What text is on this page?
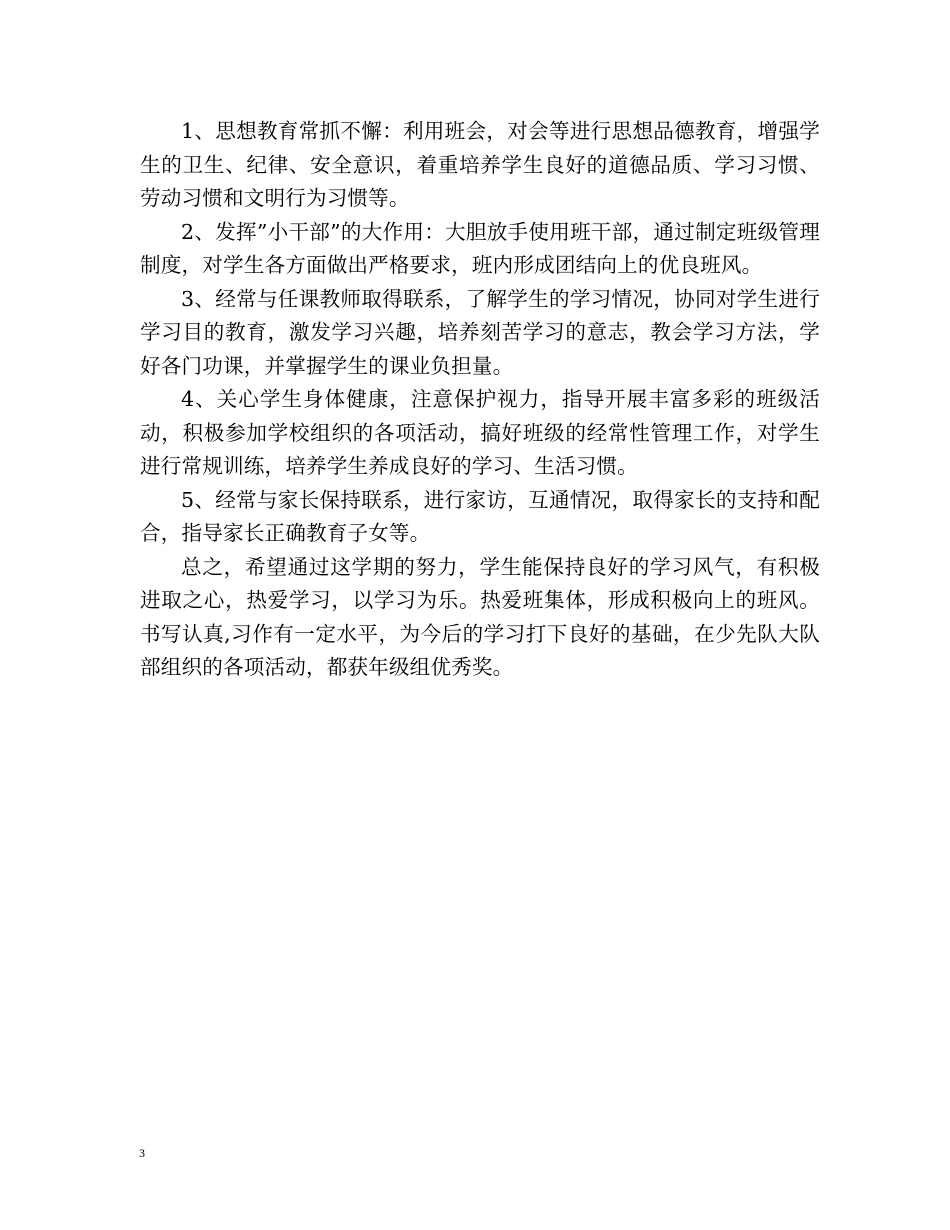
1、思想教育常抓不懈：利用班会，对会等进行思想品德教育，增强学生的卫生、纪律、安全意识，着重培养学生良好的道德品质、学习习惯、劳动习惯和文明行为习惯等。

2、发挥”小干部”的大作用：大胆放手使用班干部，通过制定班级管理制度，对学生各方面做出严格要求，班内形成团结向上的优良班风。

3、经常与任课教师取得联系，了解学生的学习情况，协同对学生进行学习目的教育，激发学习兴趣，培养刻苦学习的意志，教会学习方法，学好各门功课，并掌握学生的课业负担量。

4、关心学生身体健康，注意保护视力，指导开展丰富多彩的班级活动，积极参加学校组织的各项活动，搞好班级的经常性管理工作，对学生进行常规训练，培养学生养成良好的学习、生活习惯。

5、经常与家长保持联系，进行家访，互通情况，取得家长的支持和配合，指导家长正确教育子女等。

总之，希望通过这学期的努力，学生能保持良好的学习风气，有积极进取之心，热爱学习，以学习为乐。热爱班集体，形成积极向上的班风。书写认真,习作有一定水平，为今后的学习打下良好的基础，在少先队大队部组织的各项活动，都获年级组优秀奖。

3
